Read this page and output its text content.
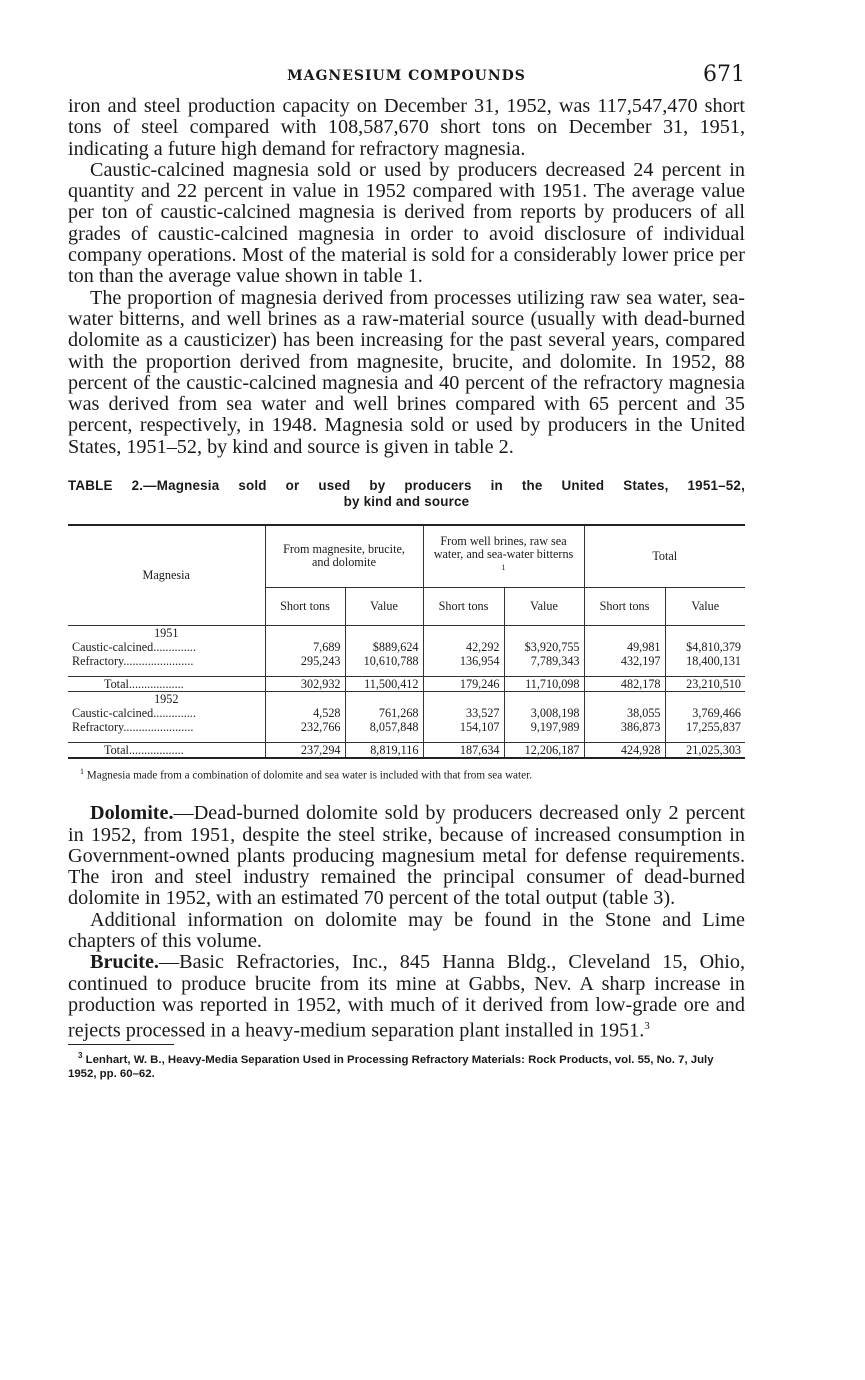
MAGNESIUM COMPOUNDS	671

iron and steel production capacity on December 31, 1952, was 117,547,470 short tons of steel compared with 108,587,670 short tons on December 31, 1951, indicating a future high demand for refractory magnesia.

Caustic-calcined magnesia sold or used by producers decreased 24 percent in quantity and 22 percent in value in 1952 compared with 1951. The average value per ton of caustic-calcined magnesia is derived from reports by producers of all grades of caustic-calcined magnesia in order to avoid disclosure of individual company operations. Most of the material is sold for a considerably lower price per ton than the average value shown in table 1.

The proportion of magnesia derived from processes utilizing raw sea water, sea-water bitterns, and well brines as a raw-material source (usually with dead-burned dolomite as a causticizer) has been increasing for the past several years, compared with the proportion derived from magnesite, brucite, and dolomite. In 1952, 88 percent of the caustic-calcined magnesia and 40 percent of the refractory magnesia was derived from sea water and well brines compared with 65 percent and 35 percent, respectively, in 1948. Magnesia sold or used by producers in the United States, 1951–52, by kind and source is given in table 2.

TABLE 2.—Magnesia sold or used by producers in the United States, 1951–52,
by kind and source
Magnesia	From magnesite, brucite, and dolomite		From well brines, raw sea water, and sea-water bitterns $^1$		Total	
	Short tons	Value	Short tons	Value	Short tons	Value
1951						
Caustic-calcined..............	7,689	$889,624	42,292	$3,920,755	49,981	$4,810,379
Refractory.......................	295,243	10,610,788	136,954	7,789,343	432,197	18,400,131
Total..................	302,932	11,500,412	179,246	11,710,098	482,178	23,210,510
1952						
Caustic-calcined..............	4,528	761,268	33,527	3,008,198	38,055	3,769,466
Refractory.......................	232,766	8,057,848	154,107	9,197,989	386,873	17,255,837
Total..................	237,294	8,819,116	187,634	12,206,187	424,928	21,025,303
$^1$ Magnesia made from a combination of dolomite and sea water is included with that from sea water.

Dolomite.—Dead-burned dolomite sold by producers decreased only 2 percent in 1952, from 1951, despite the steel strike, because of increased consumption in Government-owned plants producing magnesium metal for defense requirements. The iron and steel industry remained the principal consumer of dead-burned dolomite in 1952, with an estimated 70 percent of the total output (table 3).

Additional information on dolomite may be found in the Stone and Lime chapters of this volume.

Brucite.—Basic Refractories, Inc., 845 Hanna Bldg., Cleveland 15, Ohio, continued to produce brucite from its mine at Gabbs, Nev. A sharp increase in production was reported in 1952, with much of it derived from low-grade ore and rejects processed in a heavy-medium separation plant installed in 1951.$^3$

$^3$ Lenhart, W. B., Heavy-Media Separation Used in Processing Refractory Materials: Rock Products, vol. 55, No. 7, July 1952, pp. 60–62.
